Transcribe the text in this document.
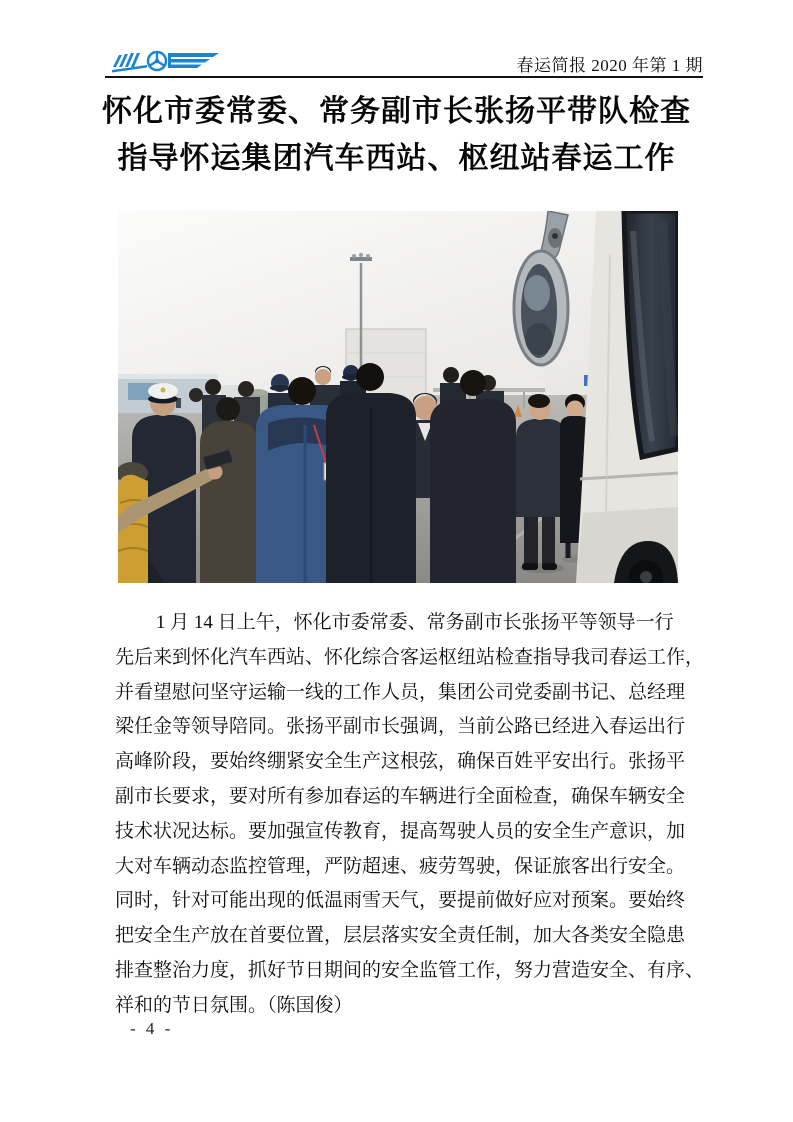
春运简报 2020 年第 1 期
怀化市委常委、常务副市长张扬平带队检查
指导怀运集团汽车西站、枢纽站春运工作
1 月 14 日上午，怀化市委常委、常务副市长张扬平等领导一行
先后来到怀化汽车西站、怀化综合客运枢纽站检查指导我司春运工作，
并看望慰问坚守运输一线的工作人员，集团公司党委副书记、总经理
梁任金等领导陪同。张扬平副市长强调，当前公路已经进入春运出行
高峰阶段，要始终绷紧安全生产这根弦，确保百姓平安出行。张扬平
副市长要求，要对所有参加春运的车辆进行全面检查，确保车辆安全
技术状况达标。要加强宣传教育，提高驾驶人员的安全生产意识，加
大对车辆动态监控管理，严防超速、疲劳驾驶，保证旅客出行安全。
同时，针对可能出现的低温雨雪天气，要提前做好应对预案。要始终
把安全生产放在首要位置，层层落实安全责任制，加大各类安全隐患
排查整治力度，抓好节日期间的安全监管工作，努力营造安全、有序、
祥和的节日氛围。（陈国俊）
- 4 -
